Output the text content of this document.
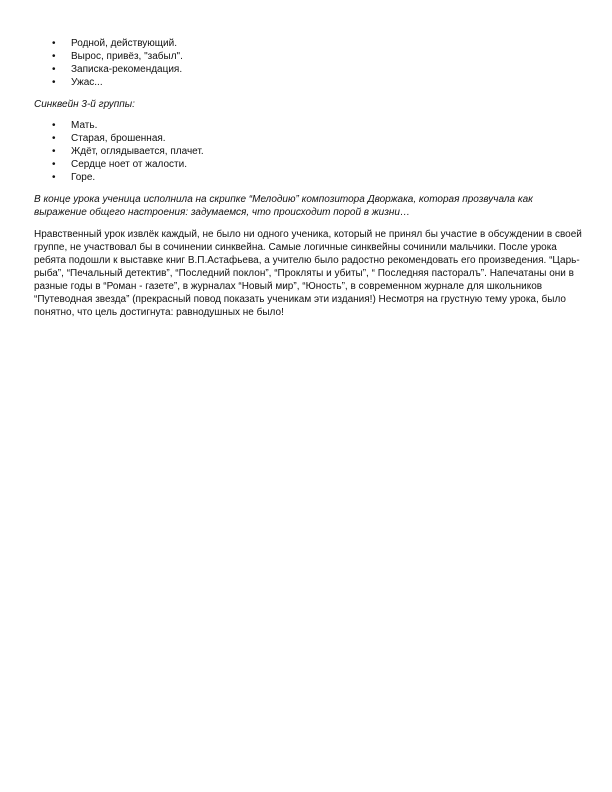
• Родной, действующий.
• Вырос, привёз, "забыл".
• Записка-рекомендация.
• Ужас...

Синквейн 3-й группы:

• Мать.
• Старая, брошенная.
• Ждёт, оглядывается, плачет.
• Сердце ноет от жалости.
• Горе.

В конце урока ученица исполнила на скрипке “Мелодию” композитора Дворжака, которая прозвучала как выражение общего настроения: задумаемся, что происходит порой в жизни…

Нравственный урок извлёк каждый, не было ни одного ученика, который не принял бы участие в обсуждении в своей группе, не участвовал бы в сочинении синквейна. Самые логичные синквейны сочинили мальчики. После урока ребята подошли к выставке книг В.П.Астафьева, а учителю было радостно рекомендовать его произведения. “Царь-рыба”, “Печальный детектив”, “Последний поклон”, “Прокляты и убиты”, “ Последняя пасторалъ”. Напечатаны они в разные годы в “Роман - газете”, в журналах “Новый мир”, “Юность”, в современном журнале для школьников “Путеводная звезда” (прекрасный повод показать ученикам эти издания!) Несмотря на грустную тему урока, было понятно, что цель достигнута: равнодушных не было!
